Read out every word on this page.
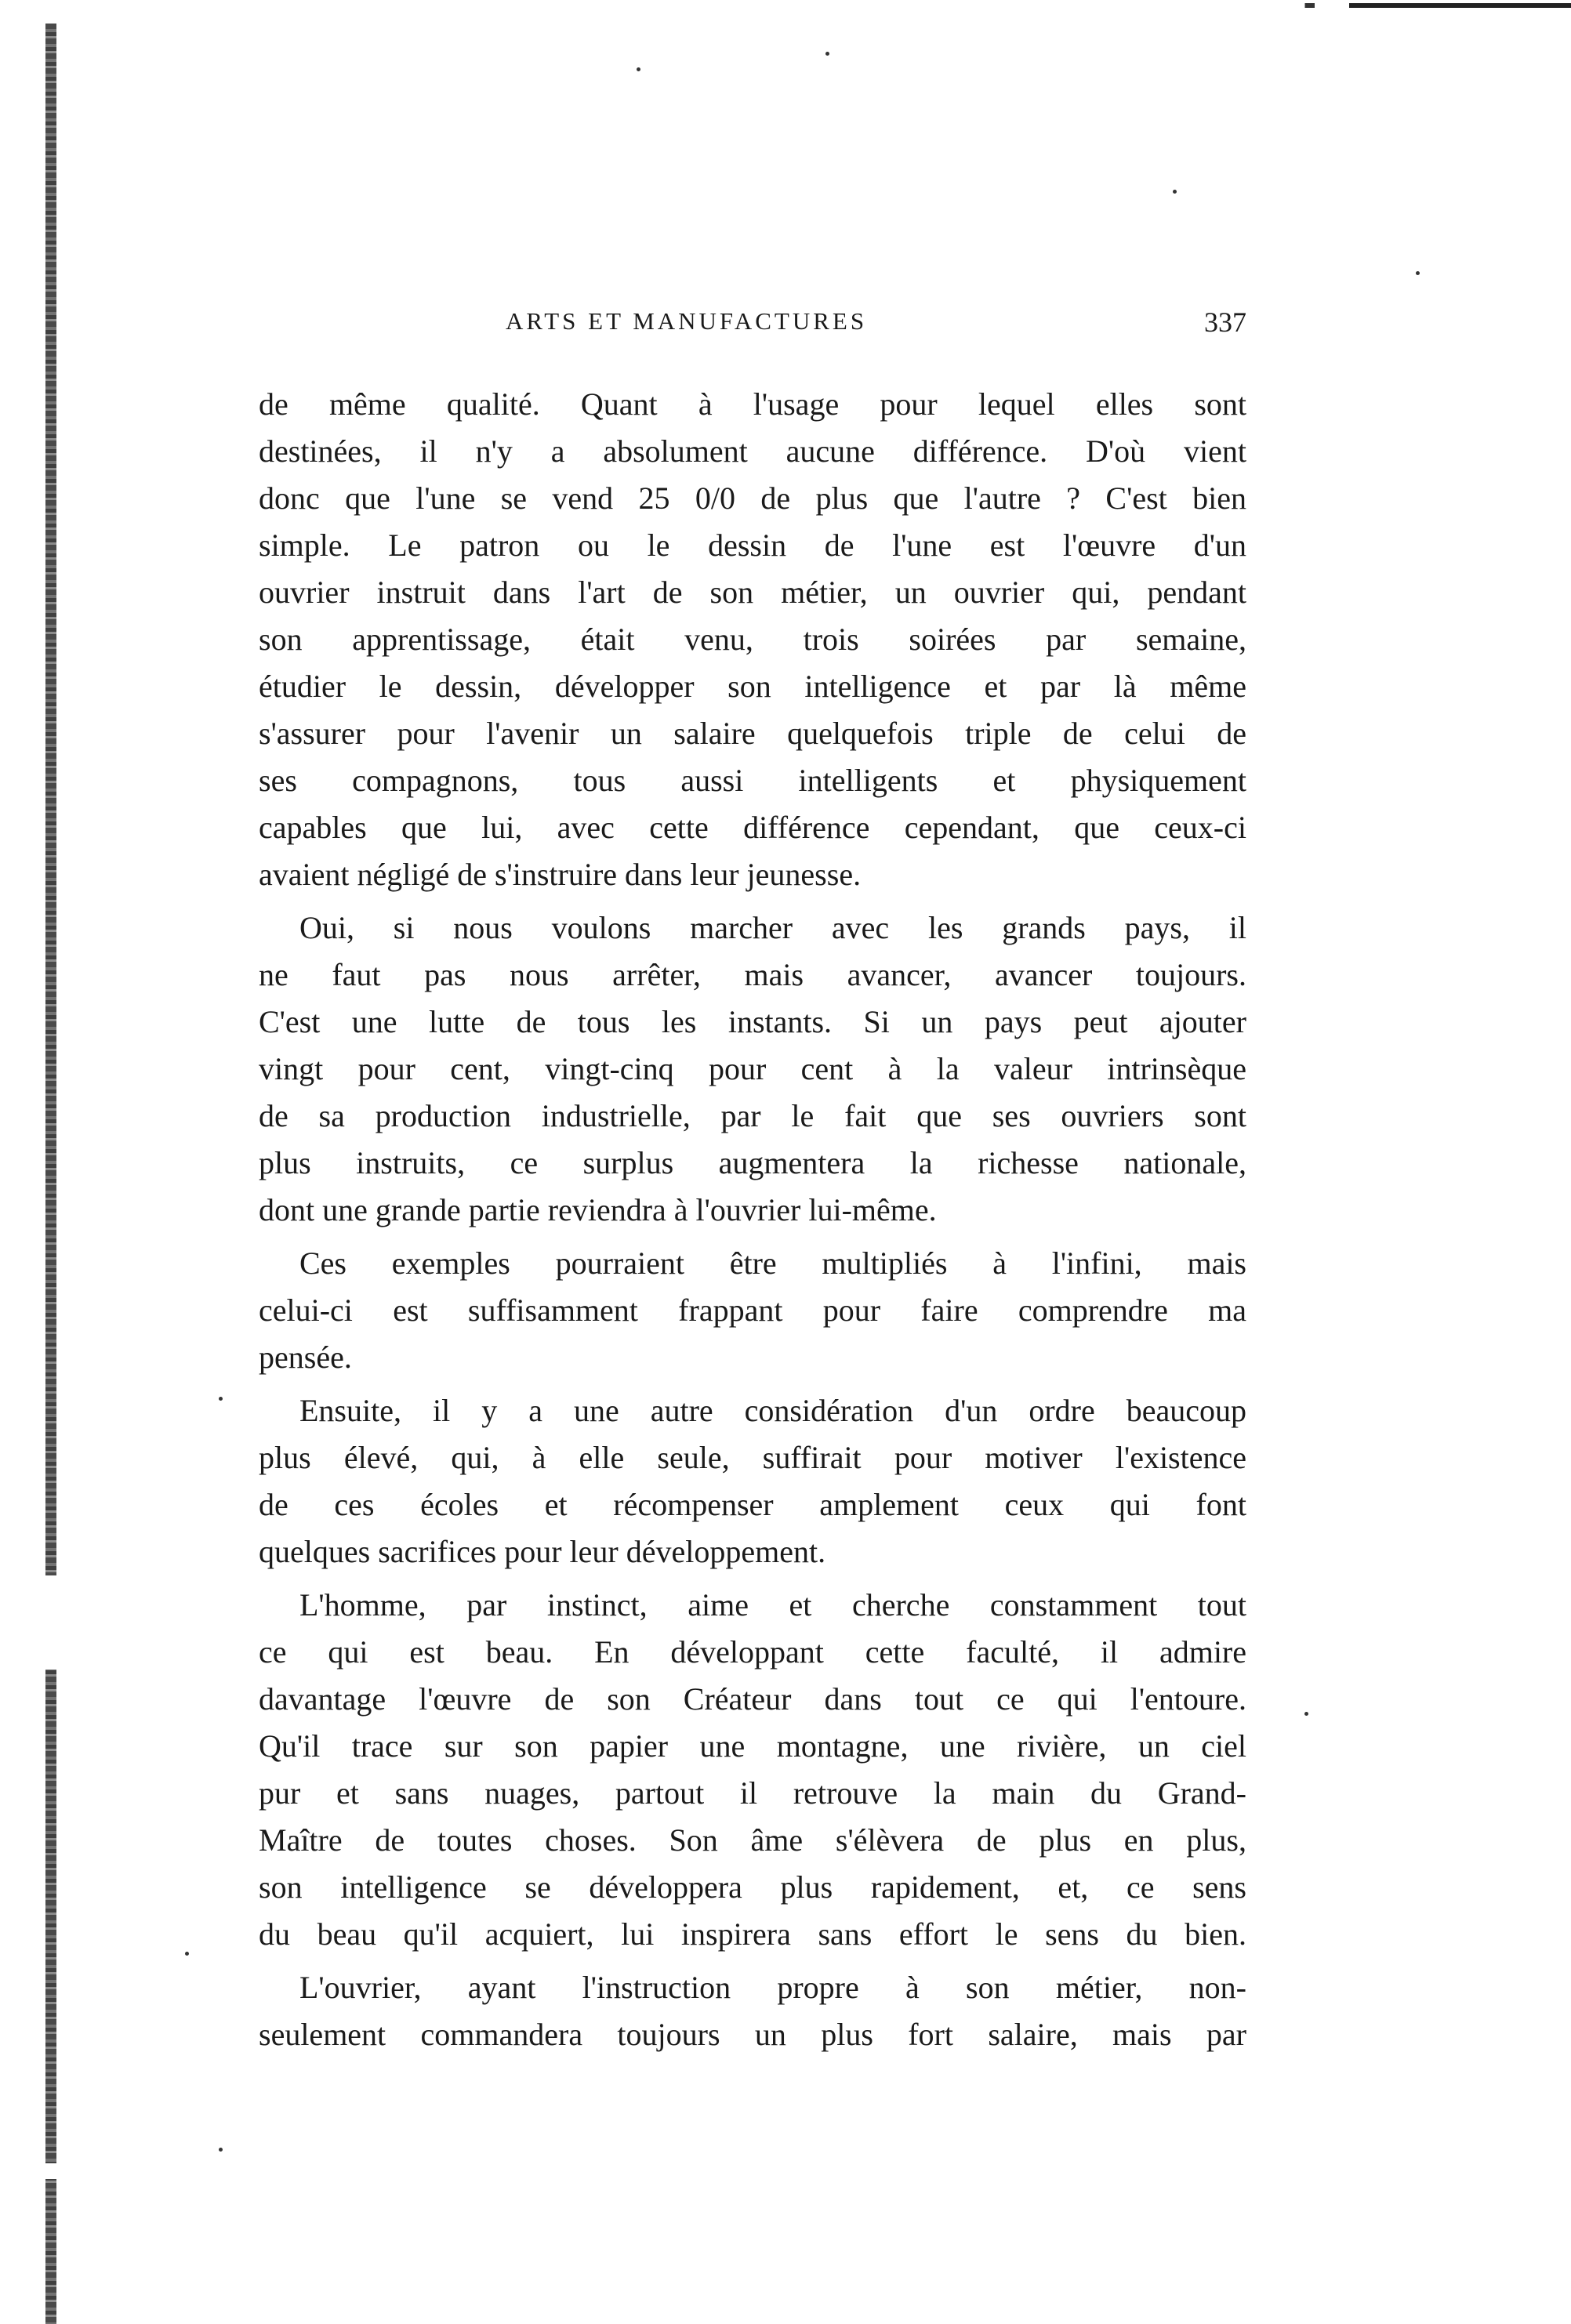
ARTS ET MANUFACTURES	337
de même qualité. Quant à l'usage pour lequel elles sont
destinées, il n'y a absolument aucune différence. D'où vient
donc que l'une se vend 25 0/0 de plus que l'autre ? C'est bien
simple. Le patron ou le dessin de l'une est l'œuvre d'un
ouvrier instruit dans l'art de son métier, un ouvrier qui, pendant
son apprentissage, était venu, trois soirées par semaine,
étudier le dessin, développer son intelligence et par là même
s'assurer pour l'avenir un salaire quelquefois triple de celui de
ses compagnons, tous aussi intelligents et physiquement
capables que lui, avec cette différence cependant, que ceux-ci
avaient négligé de s'instruire dans leur jeunesse.
Oui, si nous voulons marcher avec les grands pays, il
ne faut pas nous arrêter, mais avancer, avancer toujours.
C'est une lutte de tous les instants. Si un pays peut ajouter
vingt pour cent, vingt-cinq pour cent à la valeur intrinsèque
de sa production industrielle, par le fait que ses ouvriers sont
plus instruits, ce surplus augmentera la richesse nationale,
dont une grande partie reviendra à l'ouvrier lui-même.
Ces exemples pourraient être multipliés à l'infini, mais
celui-ci est suffisamment frappant pour faire comprendre ma
pensée.
Ensuite, il y a une autre considération d'un ordre beaucoup
plus élevé, qui, à elle seule, suffirait pour motiver l'existence
de ces écoles et récompenser amplement ceux qui font
quelques sacrifices pour leur développement.
L'homme, par instinct, aime et cherche constamment tout
ce qui est beau. En développant cette faculté, il admire
davantage l'œuvre de son Créateur dans tout ce qui l'entoure.
Qu'il trace sur son papier une montagne, une rivière, un ciel
pur et sans nuages, partout il retrouve la main du Grand-
Maître de toutes choses. Son âme s'élèvera de plus en plus,
son intelligence se développera plus rapidement, et, ce sens
du beau qu'il acquiert, lui inspirera sans effort le sens du bien.
L'ouvrier, ayant l'instruction propre à son métier, non-
seulement commandera toujours un plus fort salaire, mais par
